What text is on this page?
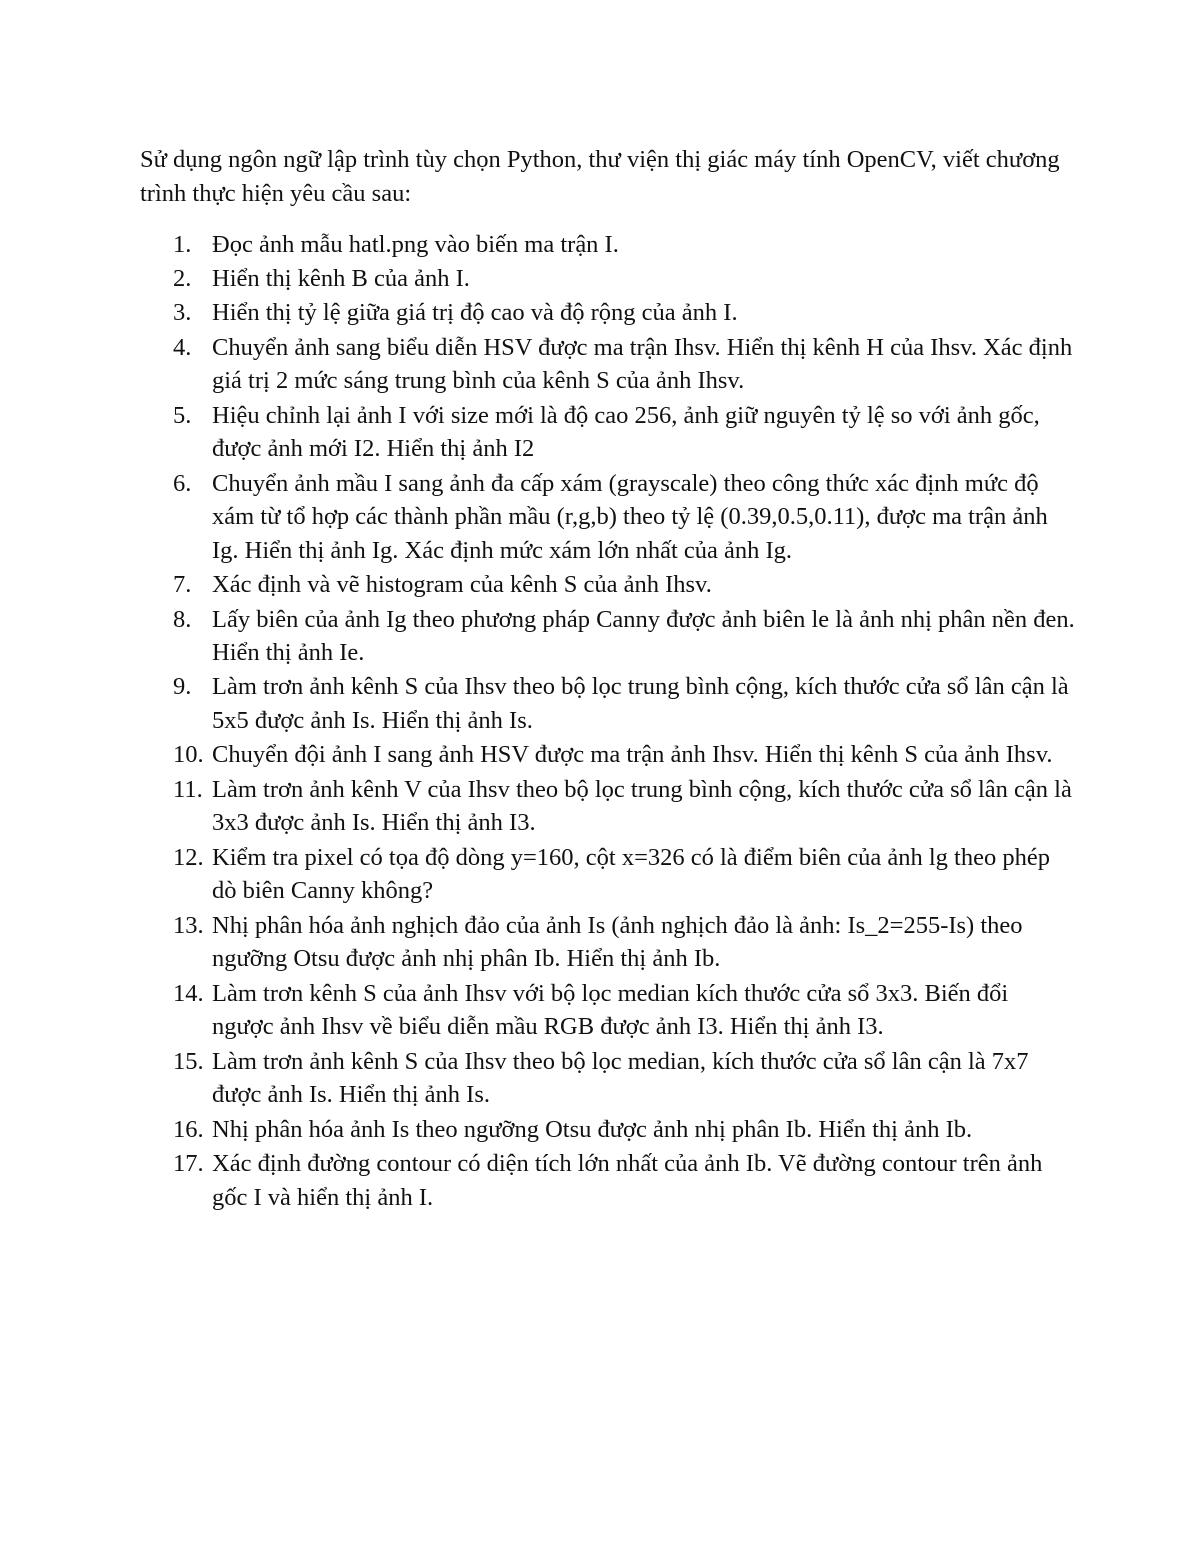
Sử dụng ngôn ngữ lập trình tùy chọn Python, thư viện thị giác máy tính OpenCV, viết chương trình thực hiện yêu cầu sau:

1. Đọc ảnh mẫu hatl.png vào biến ma trận I.
2. Hiển thị kênh B của ảnh I.
3. Hiển thị tỷ lệ giữa giá trị độ cao và độ rộng của ảnh I.
4. Chuyển ảnh sang biểu diễn HSV được ma trận Ihsv. Hiển thị kênh H của Ihsv. Xác định giá trị 2 mức sáng trung bình của kênh S của ảnh Ihsv.
5. Hiệu chỉnh lại ảnh I với size mới là độ cao 256, ảnh giữ nguyên tỷ lệ so với ảnh gốc, được ảnh mới I2. Hiển thị ảnh I2
6. Chuyển ảnh mầu I sang ảnh đa cấp xám (grayscale) theo công thức xác định mức độ xám từ tổ hợp các thành phần mầu (r,g,b) theo tỷ lệ (0.39,0.5,0.11), được ma trận ảnh Ig. Hiển thị ảnh Ig. Xác định mức xám lớn nhất của ảnh Ig.
7. Xác định và vẽ histogram của kênh S của ảnh Ihsv.
8. Lấy biên của ảnh Ig theo phương pháp Canny được ảnh biên le là ảnh nhị phân nền đen. Hiển thị ảnh Ie.
9. Làm trơn ảnh kênh S của Ihsv theo bộ lọc trung bình cộng, kích thước cửa sổ lân cận là 5x5 được ảnh Is. Hiển thị ảnh Is.
10. Chuyển đội ảnh I sang ảnh HSV được ma trận ảnh Ihsv. Hiển thị kênh S của ảnh Ihsv.
11. Làm trơn ảnh kênh V của Ihsv theo bộ lọc trung bình cộng, kích thước cửa sổ lân cận là 3x3 được ảnh Is. Hiển thị ảnh I3.
12. Kiểm tra pixel có tọa độ dòng y=160, cột x=326 có là điểm biên của ảnh lg theo phép dò biên Canny không?
13. Nhị phân hóa ảnh nghịch đảo của ảnh Is (ảnh nghịch đảo là ảnh: Is_2=255-Is) theo ngưỡng Otsu được ảnh nhị phân Ib. Hiển thị ảnh Ib.
14. Làm trơn kênh S của ảnh Ihsv với bộ lọc median kích thước cửa sổ 3x3. Biến đổi ngược ảnh Ihsv về biểu diễn mầu RGB được ảnh I3. Hiển thị ảnh I3.
15. Làm trơn ảnh kênh S của Ihsv theo bộ lọc median, kích thước cửa sổ lân cận là 7x7 được ảnh Is. Hiển thị ảnh Is.
16. Nhị phân hóa ảnh Is theo ngưỡng Otsu được ảnh nhị phân Ib. Hiển thị ảnh Ib.
17. Xác định đường contour có diện tích lớn nhất của ảnh Ib. Vẽ đường contour trên ảnh gốc I và hiển thị ảnh I.
